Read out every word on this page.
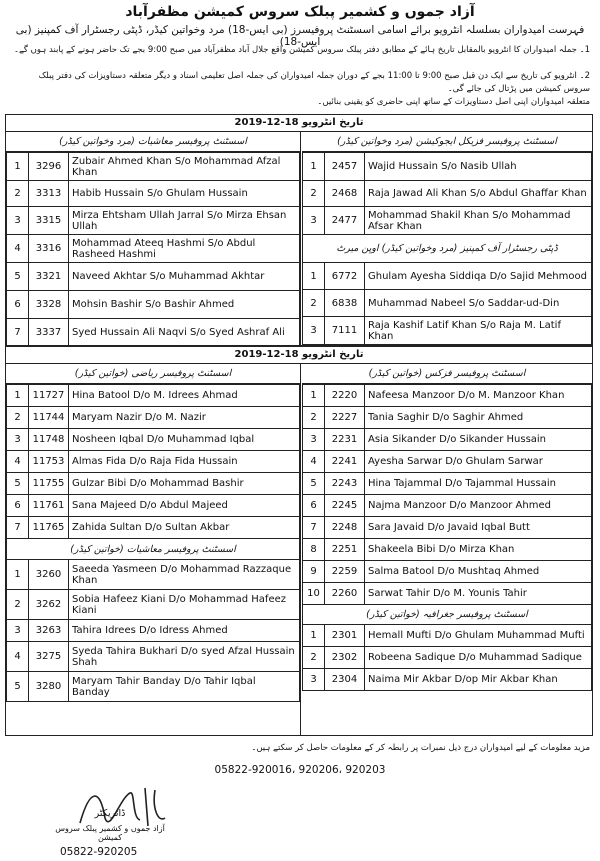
آزاد جموں و کشمیر پبلک سروس کمیشن مظفرآباد
فہرست امیدواران بسلسلہ انٹرویو برائے اسامی اسسٹنٹ پروفیسرز (بی ایس-18) مرد وخواتین کیڈر، ڈپٹی رجسٹرار آف کمپنیز (بی ایس-18)
1۔ جملہ امیدواران کا انٹرویو بالمقابل تاریخ ہائے کے مطابق دفتر پبلک سروس کمیشن واقع جلال آباد مظفرآباد میں صبح 9:00 بجے تک حاضر ہونے کے پابند ہوں گے۔
2۔ انٹرویو کی تاریخ سے ایک دن قبل صبح 9:00 تا 11:00 بجے کے دوران جملہ امیدواران کی جملہ اصل تعلیمی اسناد و دیگر متعلقہ دستاویزات کی دفتر پبلک سروس کمیشن میں پڑتال کی جائے گی۔
متعلقہ امیدواران اپنی اصل دستاویزات کے ساتھ اپنی حاضری کو یقینی بنائیں۔
تاریخ انٹرویو 18-12-2019
اسسٹنٹ پروفیسر معاشیات (مرد وخواتین کیڈر)
1	3296	Zubair Ahmed Khan S/o Mohammad Afzal Khan
2	3313	Habib Hussain S/o Ghulam Hussain
3	3315	Mirza Ehtsham Ullah Jarral S/o Mirza Ehsan Ullah
4	3316	Mohammad Ateeq Hashmi S/o Abdul Rasheed Hashmi
5	3321	Naveed Akhtar S/o Muhammad Akhtar
6	3328	Mohsin Bashir S/o Bashir Ahmed
7	3337	Syed Hussain Ali Naqvi S/o Syed Ashraf Ali
اسسٹنٹ پروفیسر فزیکل ایجوکیشن (مرد وخواتین کیڈر)
1	2457	Wajid Hussain S/o Nasib Ullah
2	2468	Raja Jawad Ali Khan S/o Abdul Ghaffar Khan
3	2477	Mohammad Shakil Khan S/o Mohammad Afsar Khan
ڈپٹی رجسٹرار آف کمپنیز (مرد وخواتین کیڈر) اوپن میرٹ		
1	6772	Ghulam Ayesha Siddiqa D/o Sajid Mehmood
2	6838	Muhammad Nabeel S/o Saddar-ud-Din
3	7111	Raja Kashif Latif Khan S/o Raja M. Latif Khan
تاریخ انٹرویو 18-12-2019
اسسٹنٹ پروفیسر ریاضی (خواتین کیڈر)
1	11727	Hina Batool D/o M. Idrees Ahmad
2	11744	Maryam Nazir D/o M. Nazir
3	11748	Nosheen Iqbal D/o Muhammad Iqbal
4	11753	Almas Fida D/o Raja Fida Hussain
5	11755	Gulzar Bibi D/o Mohammad Bashir
6	11761	Sana Majeed D/o Abdul Majeed
7	11765	Zahida Sultan D/o Sultan Akbar
اسسٹنٹ پروفیسر معاشیات (خواتین کیڈر)		
1	3260	Saeeda Yasmeen D/o Mohammad Razzaque Khan
2	3262	Sobia Hafeez Kiani D/o Mohammad Hafeez Kiani
3	3263	Tahira Idrees D/o Idress Ahmed
4	3275	Syeda Tahira Bukhari D/o syed Afzal Hussain Shah
5	3280	Maryam Tahir Banday D/o Tahir Iqbal Banday
اسسٹنٹ پروفیسر فزکس (خواتین کیڈر)
1	2220	Nafeesa Manzoor D/o M. Manzoor Khan
2	2227	Tania Saghir D/o Saghir Ahmed
3	2231	Asia Sikander D/o Sikander Hussain
4	2241	Ayesha Sarwar D/o Ghulam Sarwar
5	2243	Hina Tajammal D/o Tajammal Hussain
6	2245	Najma Manzoor D/o Manzoor Ahmed
7	2248	Sara Javaid D/o Javaid Iqbal Butt
8	2251	Shakeela Bibi D/o Mirza Khan
9	2259	Salma Batool D/o Mushtaq Ahmed
10	2260	Sarwat Tahir D/o M. Younis Tahir
اسسٹنٹ پروفیسر جغرافیہ (خواتین کیڈر)		
1	2301	Hemall Mufti D/o Ghulam Muhammad Mufti
2	2302	Robeena Sadique D/o Muhammad Sadique
3	2304	Naima Mir Akbar D/op Mir Akbar Khan
مزید معلومات کے لیے امیدواران درج ذیل نمبرات پر رابطہ کر کے معلومات حاصل کر سکتے ہیں۔
05822-920016، 920206، 920203
ڈائریکٹر
آزاد جموں و کشمیر پبلک سروس کمیشن
05822-920205
